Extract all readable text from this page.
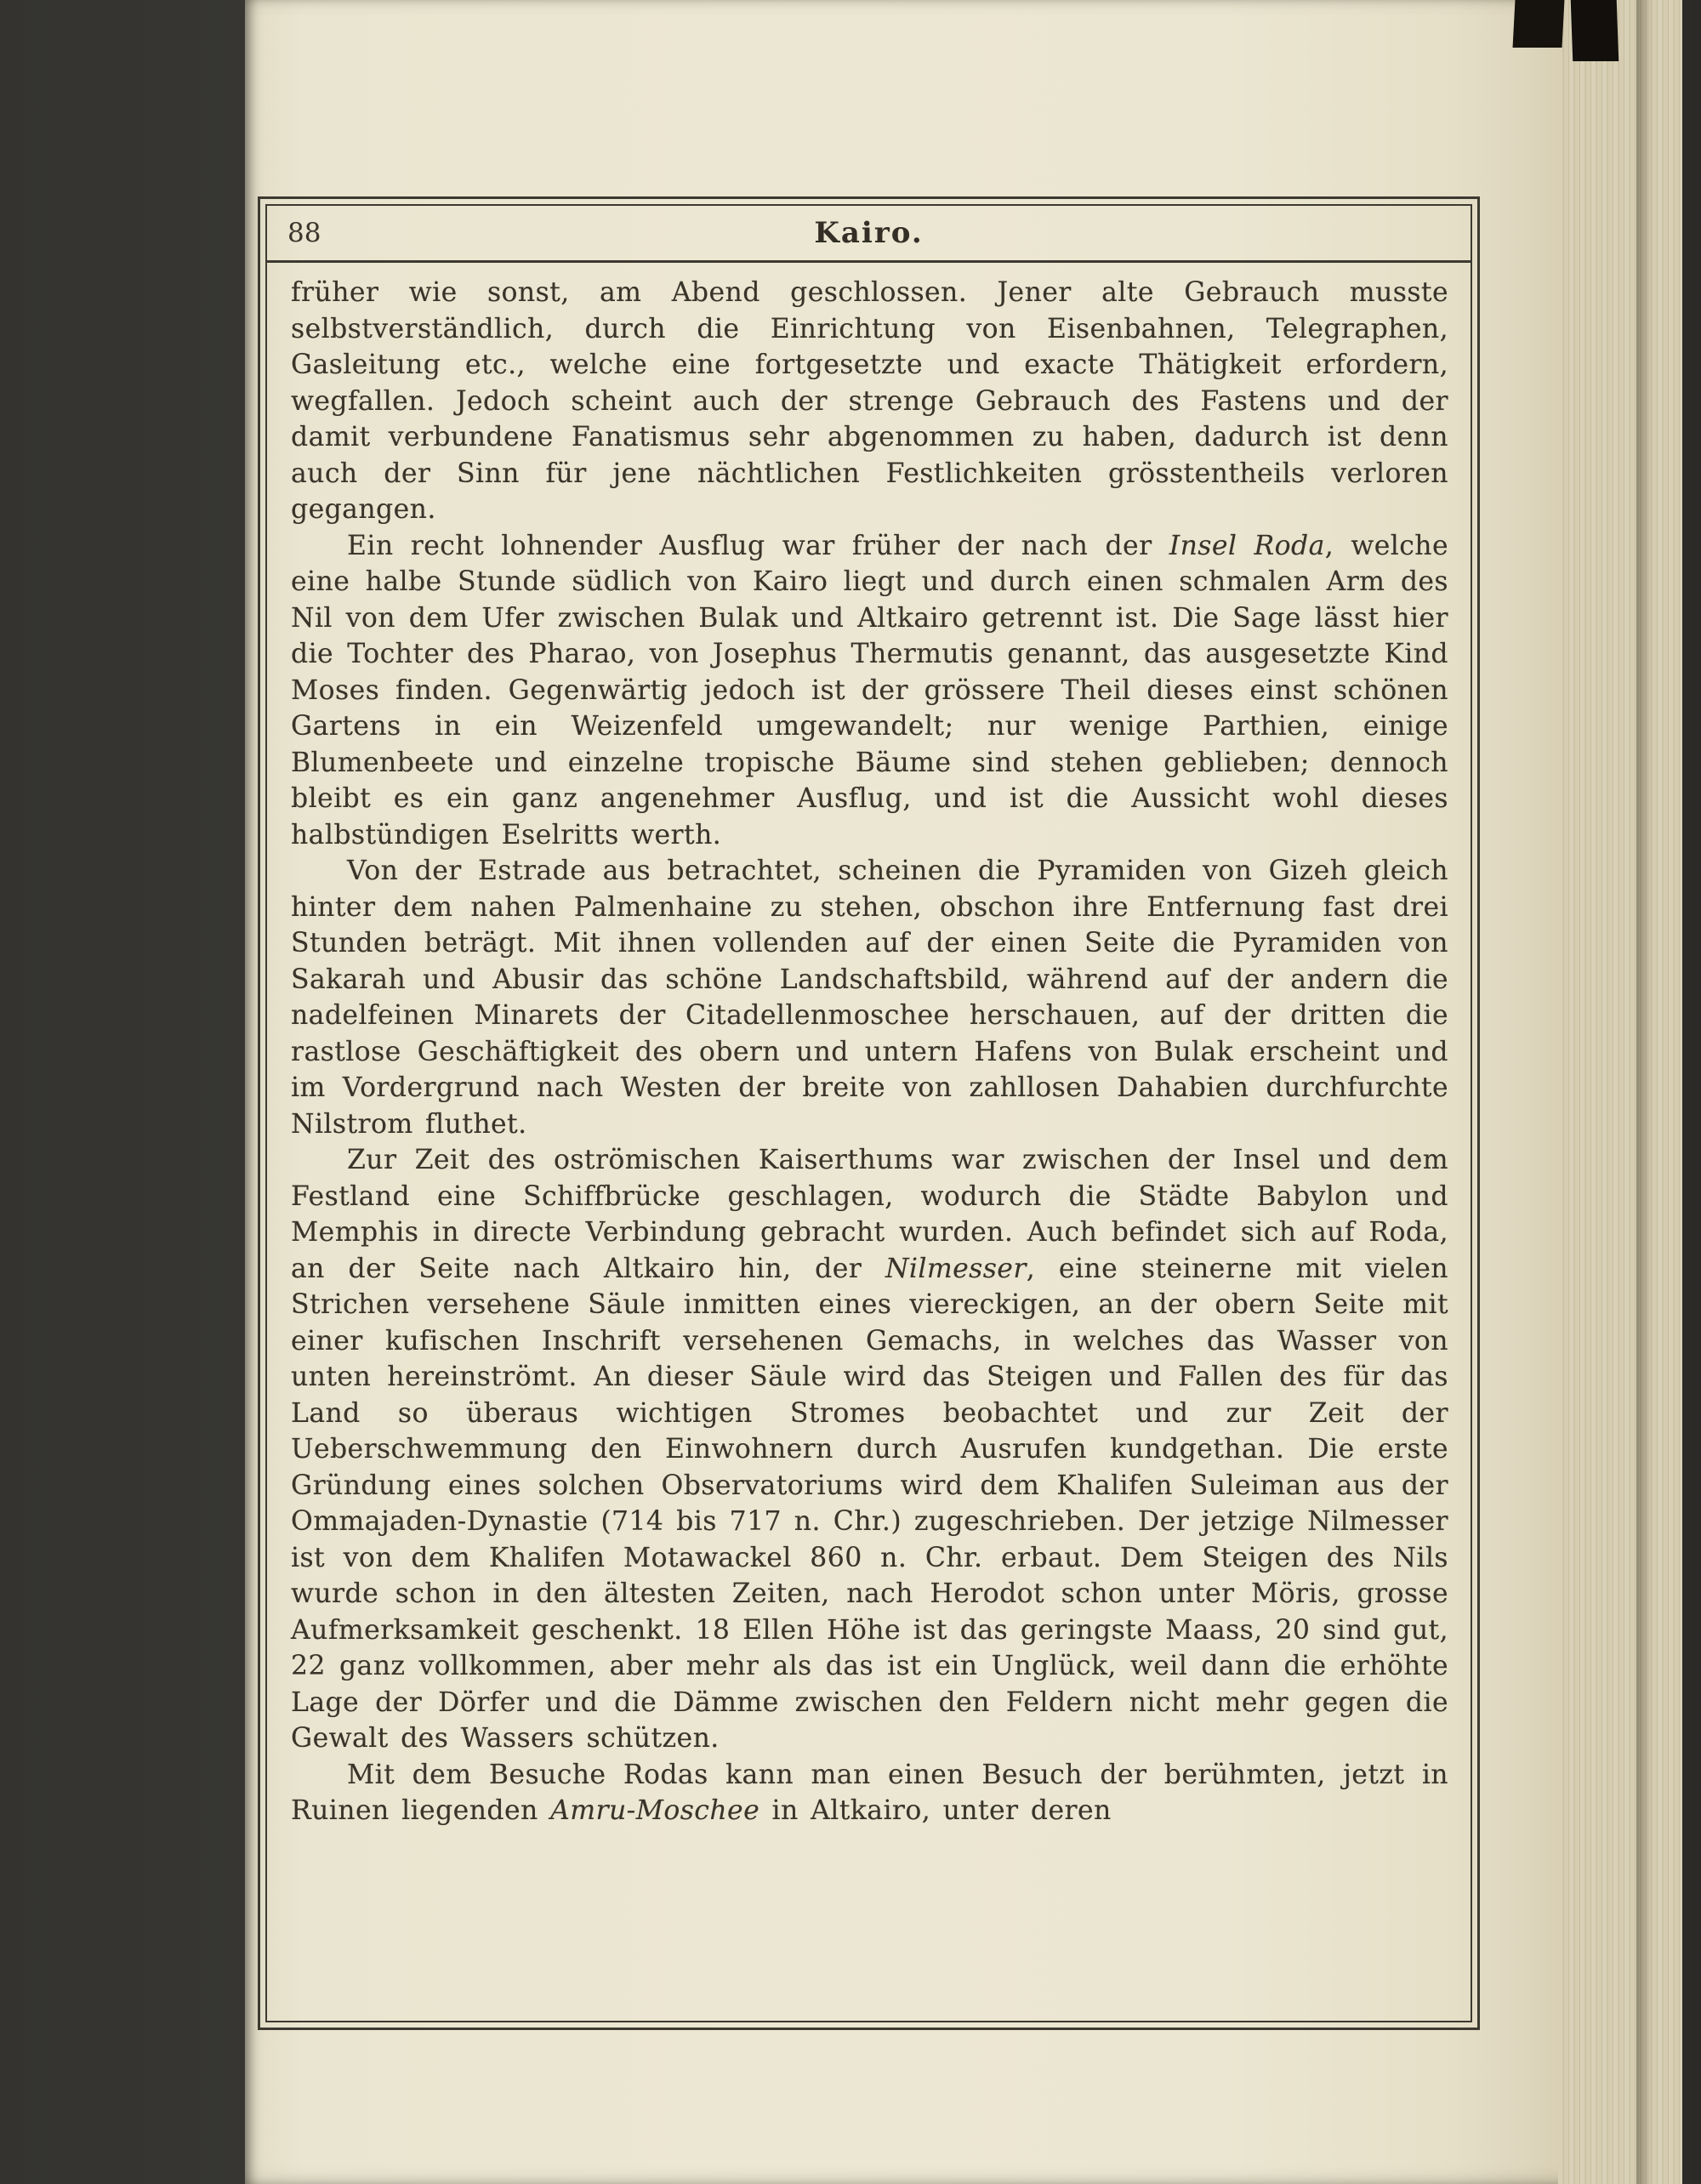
88	Kairo.

früher wie sonst, am Abend geschlossen. Jener alte Gebrauch musste selbstverständlich, durch die Einrichtung von Eisenbahnen, Telegraphen, Gasleitung etc., welche eine fortgesetzte und exacte Thätigkeit erfordern, wegfallen. Jedoch scheint auch der strenge Gebrauch des Fastens und der damit verbundene Fanatismus sehr abgenommen zu haben, dadurch ist denn auch der Sinn für jene nächtlichen Festlichkeiten grösstentheils verloren gegangen.

Ein recht lohnender Ausflug war früher der nach der Insel Roda, welche eine halbe Stunde südlich von Kairo liegt und durch einen schmalen Arm des Nil von dem Ufer zwischen Bulak und Altkairo getrennt ist. Die Sage lässt hier die Tochter des Pharao, von Josephus Thermutis genannt, das ausgesetzte Kind Moses finden. Gegenwärtig jedoch ist der grössere Theil dieses einst schönen Gartens in ein Weizenfeld umgewandelt; nur wenige Parthien, einige Blumenbeete und einzelne tropische Bäume sind stehen geblieben; dennoch bleibt es ein ganz angenehmer Ausflug, und ist die Aussicht wohl dieses halbstündigen Eselritts werth.

Von der Estrade aus betrachtet, scheinen die Pyramiden von Gizeh gleich hinter dem nahen Palmenhaine zu stehen, obschon ihre Entfernung fast drei Stunden beträgt. Mit ihnen vollenden auf der einen Seite die Pyramiden von Sakarah und Abusir das schöne Landschaftsbild, während auf der andern die nadelfeinen Minarets der Citadellenmoschee herschauen, auf der dritten die rastlose Geschäftigkeit des obern und untern Hafens von Bulak erscheint und im Vordergrund nach Westen der breite von zahllosen Dahabien durchfurchte Nilstrom fluthet.

Zur Zeit des oströmischen Kaiserthums war zwischen der Insel und dem Festland eine Schiffbrücke geschlagen, wodurch die Städte Babylon und Memphis in directe Verbindung gebracht wurden. Auch befindet sich auf Roda, an der Seite nach Altkairo hin, der Nilmesser, eine steinerne mit vielen Strichen versehene Säule inmitten eines viereckigen, an der obern Seite mit einer kufischen Inschrift versehenen Gemachs, in welches das Wasser von unten hereinströmt. An dieser Säule wird das Steigen und Fallen des für das Land so überaus wichtigen Stromes beobachtet und zur Zeit der Ueberschwemmung den Einwohnern durch Ausrufen kundgethan. Die erste Gründung eines solchen Observatoriums wird dem Khalifen Suleiman aus der Ommajaden-Dynastie (714 bis 717 n. Chr.) zugeschrieben. Der jetzige Nilmesser ist von dem Khalifen Motawackel 860 n. Chr. erbaut. Dem Steigen des Nils wurde schon in den ältesten Zeiten, nach Herodot schon unter Möris, grosse Aufmerksamkeit geschenkt. 18 Ellen Höhe ist das geringste Maass, 20 sind gut, 22 ganz vollkommen, aber mehr als das ist ein Unglück, weil dann die erhöhte Lage der Dörfer und die Dämme zwischen den Feldern nicht mehr gegen die Gewalt des Wassers schützen.

Mit dem Besuche Rodas kann man einen Besuch der berühmten, jetzt in Ruinen liegenden Amru-Moschee in Altkairo, unter deren
